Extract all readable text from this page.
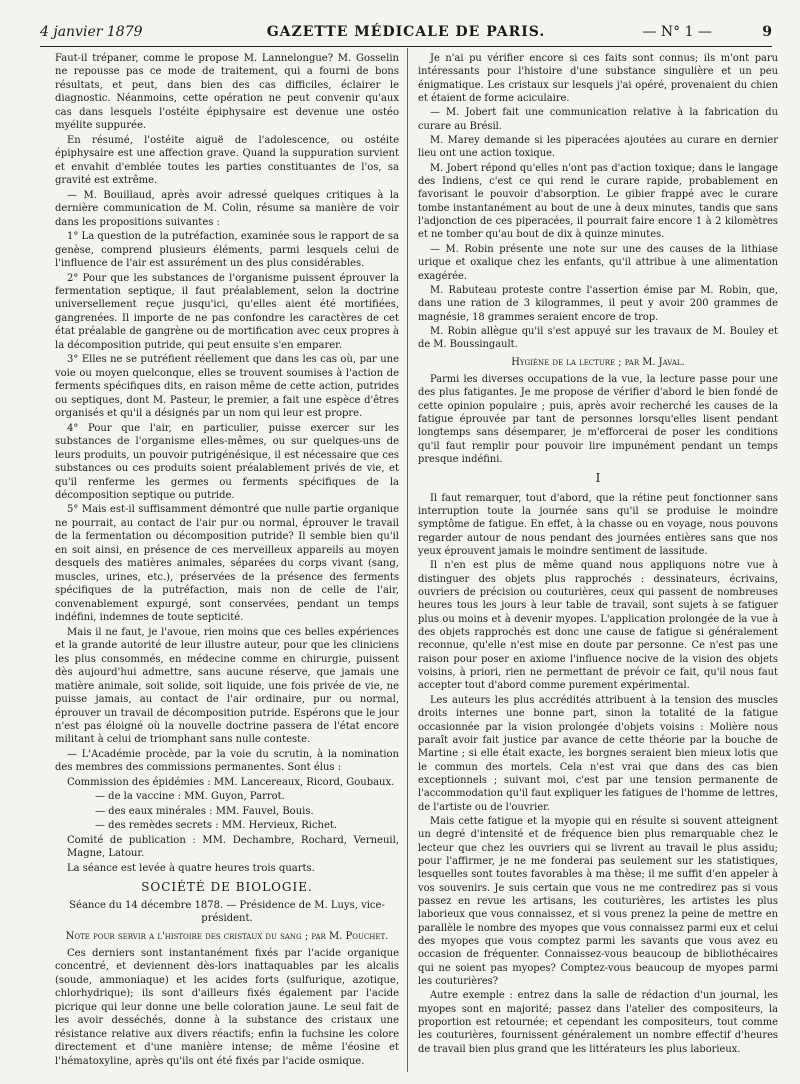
4 janvier 1879	GAZETTE MÉDICALE DE PARIS.	— N° 1 —	9

Faut-il trépaner, comme le propose M. Lannelongue? M. Gosselin ne repousse pas ce mode de traitement, qui a fourni de bons résultats, et peut, dans bien des cas difficiles, éclairer le diagnostic. Néanmoins, cette opération ne peut convenir qu'aux cas dans lesquels l'ostéite épiphysaire est devenue une ostéo myélite suppurée.

En résumé, l'ostéite aiguë de l'adolescence, ou ostéite épiphysaire est une affection grave. Quand la suppuration survient et envahit d'emblée toutes les parties constituantes de l'os, sa gravité est extrême.

— M. Bouillaud, après avoir adressé quelques critiques à la dernière communication de M. Colin, résume sa manière de voir dans les propositions suivantes :

1° La question de la putréfaction, examinée sous le rapport de sa genèse, comprend plusieurs éléments, parmi lesquels celui de l'influence de l'air est assurément un des plus considérables.

2° Pour que les substances de l'organisme puissent éprouver la fermentation septique, il faut préalablement, selon la doctrine universellement reçue jusqu'ici, qu'elles aient été mortifiées, gangrenées. Il importe de ne pas confondre les caractères de cet état préalable de gangrène ou de mortification avec ceux propres à la décomposition putride, qui peut ensuite s'en emparer.

3° Elles ne se putréfient réellement que dans les cas où, par une voie ou moyen quelconque, elles se trouvent soumises à l'action de ferments spécifiques dits, en raison même de cette action, putrides ou septiques, dont M. Pasteur, le premier, a fait une espèce d'êtres organisés et qu'il a désignés par un nom qui leur est propre.

4° Pour que l'air, en particulier, puisse exercer sur les substances de l'organisme elles-mêmes, ou sur quelques-uns de leurs produits, un pouvoir putrigénésique, il est nécessaire que ces substances ou ces produits soient préalablement privés de vie, et qu'il renferme les germes ou ferments spécifiques de la décomposition septique ou putride.

5° Mais est-il suffisamment démontré que nulle partie organique ne pourrait, au contact de l'air pur ou normal, éprouver le travail de la fermentation ou décomposition putride? Il semble bien qu'il en soit ainsi, en présence de ces merveilleux appareils au moyen desquels des matières animales, séparées du corps vivant (sang, muscles, urines, etc.), préservées de la présence des ferments spécifiques de la putréfaction, mais non de celle de l'air, convenablement expurgé, sont conservées, pendant un temps indéfini, indemnes de toute septicité.

Mais il ne faut, je l'avoue, rien moins que ces belles expériences et la grande autorité de leur illustre auteur, pour que les cliniciens les plus consommés, en médecine comme en chirurgie, puissent dès aujourd'hui admettre, sans aucune réserve, que jamais une matière animale, soit solide, soit liquide, une fois privée de vie, ne puisse jamais, au contact de l'air ordinaire, pur ou normal, éprouver un travail de décomposition putride. Espérons que le jour n'est pas éloigné où la nouvelle doctrine passera de l'état encore militant à celui de triomphant sans nulle conteste.

— L'Académie procède, par la voie du scrutin, à la nomination des membres des commissions permanentes. Sont élus :

Commission des épidémies : MM. Lancereaux, Ricord, Goubaux.

— de la vaccine : MM. Guyon, Parrot.

— des eaux minérales : MM. Fauvel, Bouis.

— des remèdes secrets : MM. Hervieux, Richet.

Comité de publication : MM. Dechambre, Rochard, Verneuil, Magne, Latour.

La séance est levée à quatre heures trois quarts.

SOCIÉTÉ DE BIOLOGIE.

Séance du 14 décembre 1878. — Présidence de M. Luys, vice-président.

Note pour servir a l'histoire des cristaux du sang ; par M. Pouchet.

Ces derniers sont instantanément fixés par l'acide organique concentré, et deviennent dès-lors inattaquables par les alcalis (soude, ammoniaque) et les acides forts (sulfurique, azotique, chlorhydrique); ils sont d'ailleurs fixés également par l'acide picrique qui leur donne une belle coloration jaune. Le seul fait de les avoir desséchés, donne à la substance des cristaux une résistance relative aux divers réactifs; enfin la fuchsine les colore directement et d'une manière intense; de même l'éosine et l'hématoxyline, après qu'ils ont été fixés par l'acide osmique.

Je n'ai pu vérifier encore si ces faits sont connus; ils m'ont paru intéressants pour l'histoire d'une substance singulière et un peu énigmatique. Les cristaux sur lesquels j'ai opéré, provenaient du chien et étaient de forme aciculaire.

— M. Jobert fait une communication relative à la fabrication du curare au Brésil.

M. Marey demande si les piperacées ajoutées au curare en dernier lieu ont une action toxique.

M. Jobert répond qu'elles n'ont pas d'action toxique; dans le langage des Indiens, c'est ce qui rend le curare rapide, probablement en favorisant le pouvoir d'absorption. Le gibier frappé avec le curare tombe instantanément au bout de une à deux minutes, tandis que sans l'adjonction de ces piperacées, il pourrait faire encore 1 à 2 kilomètres et ne tomber qu'au bout de dix à quinze minutes.

— M. Robin présente une note sur une des causes de la lithiase urique et oxalique chez les enfants, qu'il attribue à une alimentation exagérée.

M. Rabuteau proteste contre l'assertion émise par M. Robin, que, dans une ration de 3 kilogrammes, il peut y avoir 200 grammes de magnésie, 18 grammes seraient encore de trop.

M. Robin allègue qu'il s'est appuyé sur les travaux de M. Bouley et de M. Boussingault.

Hygiène de la lecture ; par M. Javal.

Parmi les diverses occupations de la vue, la lecture passe pour une des plus fatigantes. Je me propose de vérifier d'abord le bien fondé de cette opinion populaire ; puis, après avoir recherché les causes de la fatigue éprouvée par tant de personnes lorsqu'elles lisent pendant longtemps sans désemparer, je m'efforcerai de poser les conditions qu'il faut remplir pour pouvoir lire impunément pendant un temps presque indéfini.

I

Il faut remarquer, tout d'abord, que la rétine peut fonctionner sans interruption toute la journée sans qu'il se produise le moindre symptôme de fatigue. En effet, à la chasse ou en voyage, nous pouvons regarder autour de nous pendant des journées entières sans que nos yeux éprouvent jamais le moindre sentiment de lassitude.

Il n'en est plus de même quand nous appliquons notre vue à distinguer des objets plus rapprochés : dessinateurs, écrivains, ouvriers de précision ou couturières, ceux qui passent de nombreuses heures tous les jours à leur table de travail, sont sujets à se fatiguer plus ou moins et à devenir myopes. L'application prolongée de la vue à des objets rapprochés est donc une cause de fatigue si généralement reconnue, qu'elle n'est mise en doute par personne. Ce n'est pas une raison pour poser en axiome l'influence nocive de la vision des objets voisins, à priori, rien ne permettant de prévoir ce fait, qu'il nous faut accepter tout d'abord comme purement expérimental.

Les auteurs les plus accrédités attribuent à la tension des muscles droits internes une bonne part, sinon la totalité de la fatigue occasionnée par la vision prolongée d'objets voisins : Molière nous paraît avoir fait justice par avance de cette théorie par la bouche de Martine ; si elle était exacte, les borgnes seraient bien mieux lotis que le commun des mortels. Cela n'est vrai que dans des cas bien exceptionnels ; suivant moi, c'est par une tension permanente de l'accommodation qu'il faut expliquer les fatigues de l'homme de lettres, de l'artiste ou de l'ouvrier.

Mais cette fatigue et la myopie qui en résulte si souvent atteignent un degré d'intensité et de fréquence bien plus remarquable chez le lecteur que chez les ouvriers qui se livrent au travail le plus assidu; pour l'affirmer, je ne me fonderai pas seulement sur les statistiques, lesquelles sont toutes favorables à ma thèse; il me suffit d'en appeler à vos souvenirs. Je suis certain que vous ne me contredirez pas si vous passez en revue les artisans, les couturières, les artistes les plus laborieux que vous connaissez, et si vous prenez la peine de mettre en parallèle le nombre des myopes que vous connaissez parmi eux et celui des myopes que vous comptez parmi les savants que vous avez eu occasion de fréquenter. Connaissez-vous beaucoup de bibliothécaires qui ne soient pas myopes? Comptez-vous beaucoup de myopes parmi les couturières?

Autre exemple : entrez dans la salle de rédaction d'un journal, les myopes sont en majorité; passez dans l'atelier des compositeurs, la proportion est retournée; et cependant les compositeurs, tout comme les couturières, fournissent généralement un nombre effectif d'heures de travail bien plus grand que les littérateurs les plus laborieux.
